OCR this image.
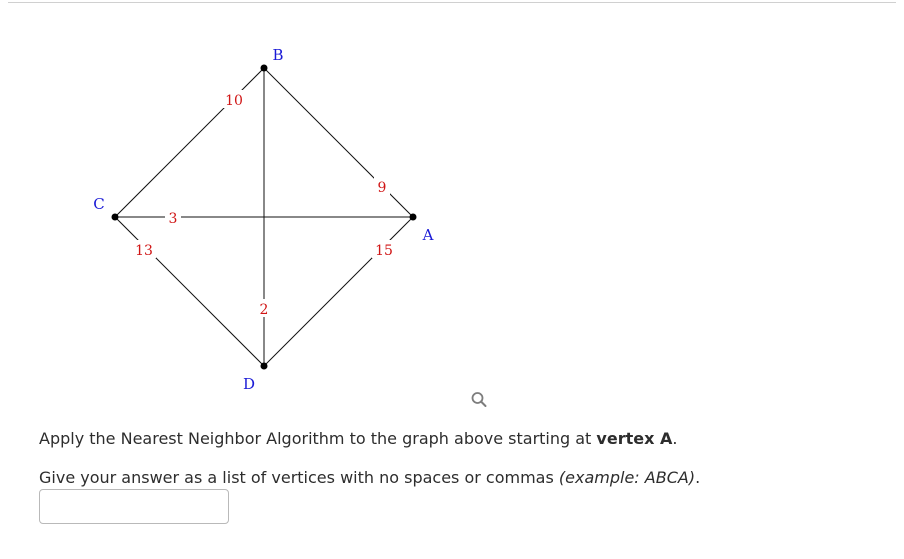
9
3
15
10
2
13
A
B
C
D
Apply the Nearest Neighbor Algorithm to the graph above starting at vertex A.
Give your answer as a list of vertices with no spaces or commas (example: ABCA).
